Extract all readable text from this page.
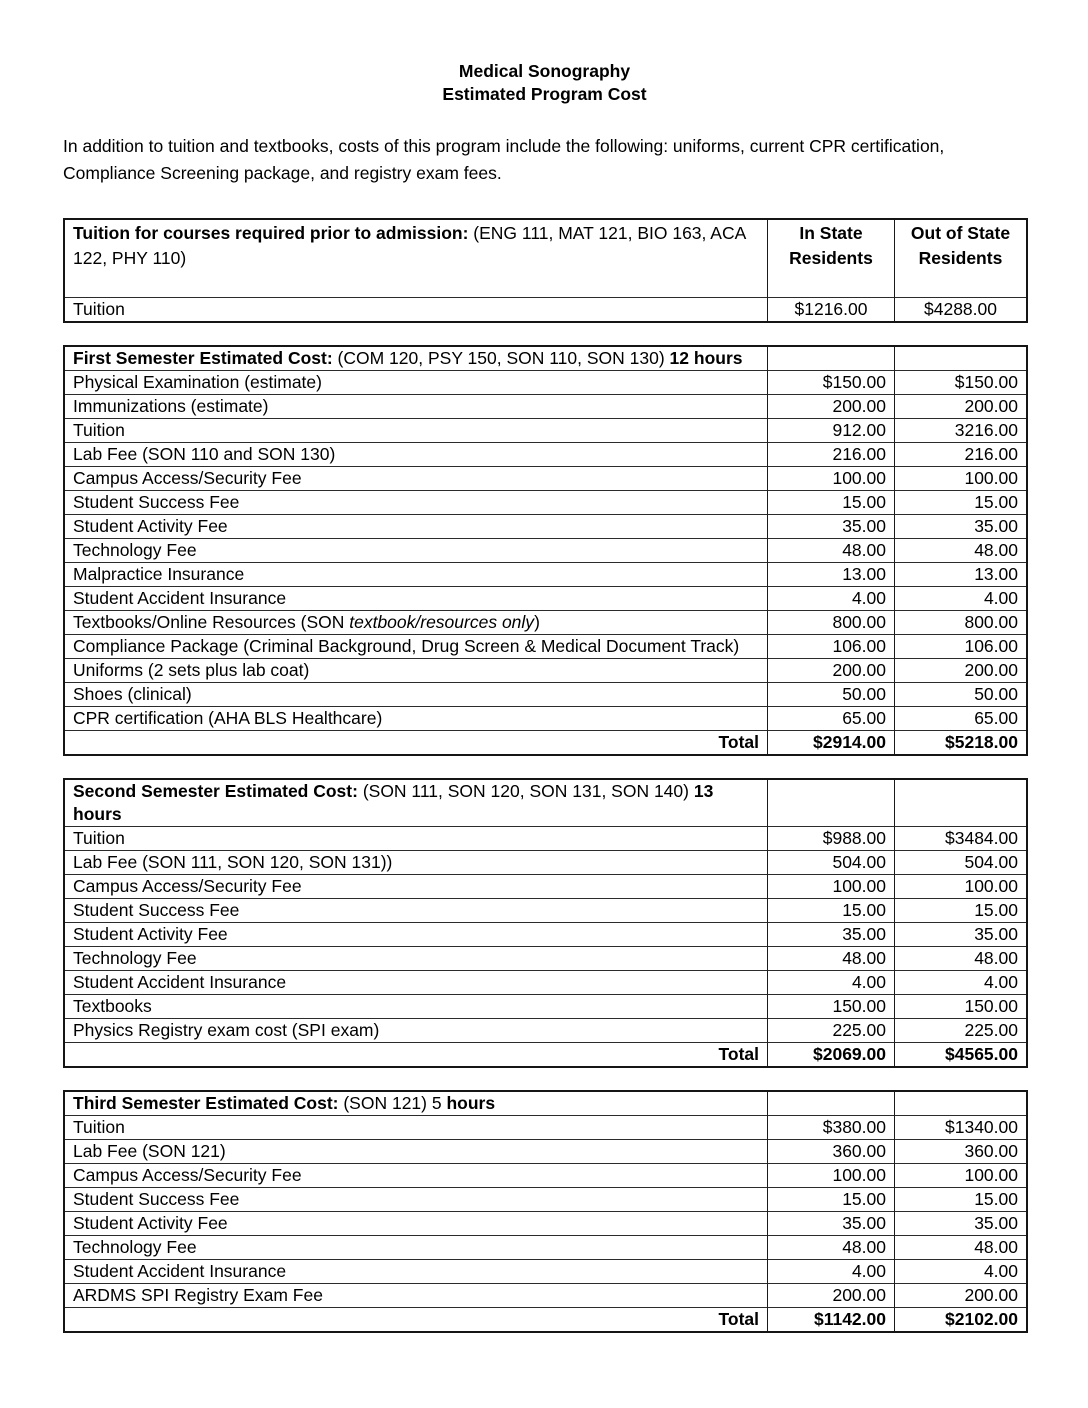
Medical Sonography
Estimated Program Cost

In addition to tuition and textbooks, costs of this program include the following: uniforms, current CPR certification, Compliance Screening package, and registry exam fees.

Tuition for courses required prior to admission: (ENG 111, MAT 121, BIO 163, ACA 122, PHY 110)	In State Residents	Out of State Residents
Tuition	$1216.00	$4288.00
First Semester Estimated Cost: (COM 120, PSY 150, SON 110, SON 130) 12 hours		
Physical Examination (estimate)	$150.00	$150.00
Immunizations (estimate)	200.00	200.00
Tuition	912.00	3216.00
Lab Fee (SON 110 and SON 130)	216.00	216.00
Campus Access/Security Fee	100.00	100.00
Student Success Fee	15.00	15.00
Student Activity Fee	35.00	35.00
Technology Fee	48.00	48.00
Malpractice Insurance	13.00	13.00
Student Accident Insurance	4.00	4.00
Textbooks/Online Resources (SON textbook/resources only)	800.00	800.00
Compliance Package (Criminal Background, Drug Screen & Medical Document Track)	106.00	106.00
Uniforms (2 sets plus lab coat)	200.00	200.00
Shoes (clinical)	50.00	50.00
CPR certification (AHA BLS Healthcare)	65.00	65.00
Total	$2914.00	$5218.00
Second Semester Estimated Cost: (SON 111, SON 120, SON 131, SON 140) 13 hours		
Tuition	$988.00	$3484.00
Lab Fee (SON 111, SON 120, SON 131))	504.00	504.00
Campus Access/Security Fee	100.00	100.00
Student Success Fee	15.00	15.00
Student Activity Fee	35.00	35.00
Technology Fee	48.00	48.00
Student Accident Insurance	4.00	4.00
Textbooks	150.00	150.00
Physics Registry exam cost (SPI exam)	225.00	225.00
Total	$2069.00	$4565.00
Third Semester Estimated Cost: (SON 121) 5 hours		
Tuition	$380.00	$1340.00
Lab Fee (SON 121)	360.00	360.00
Campus Access/Security Fee	100.00	100.00
Student Success Fee	15.00	15.00
Student Activity Fee	35.00	35.00
Technology Fee	48.00	48.00
Student Accident Insurance	4.00	4.00
ARDMS SPI Registry Exam Fee	200.00	200.00
Total	$1142.00	$2102.00
